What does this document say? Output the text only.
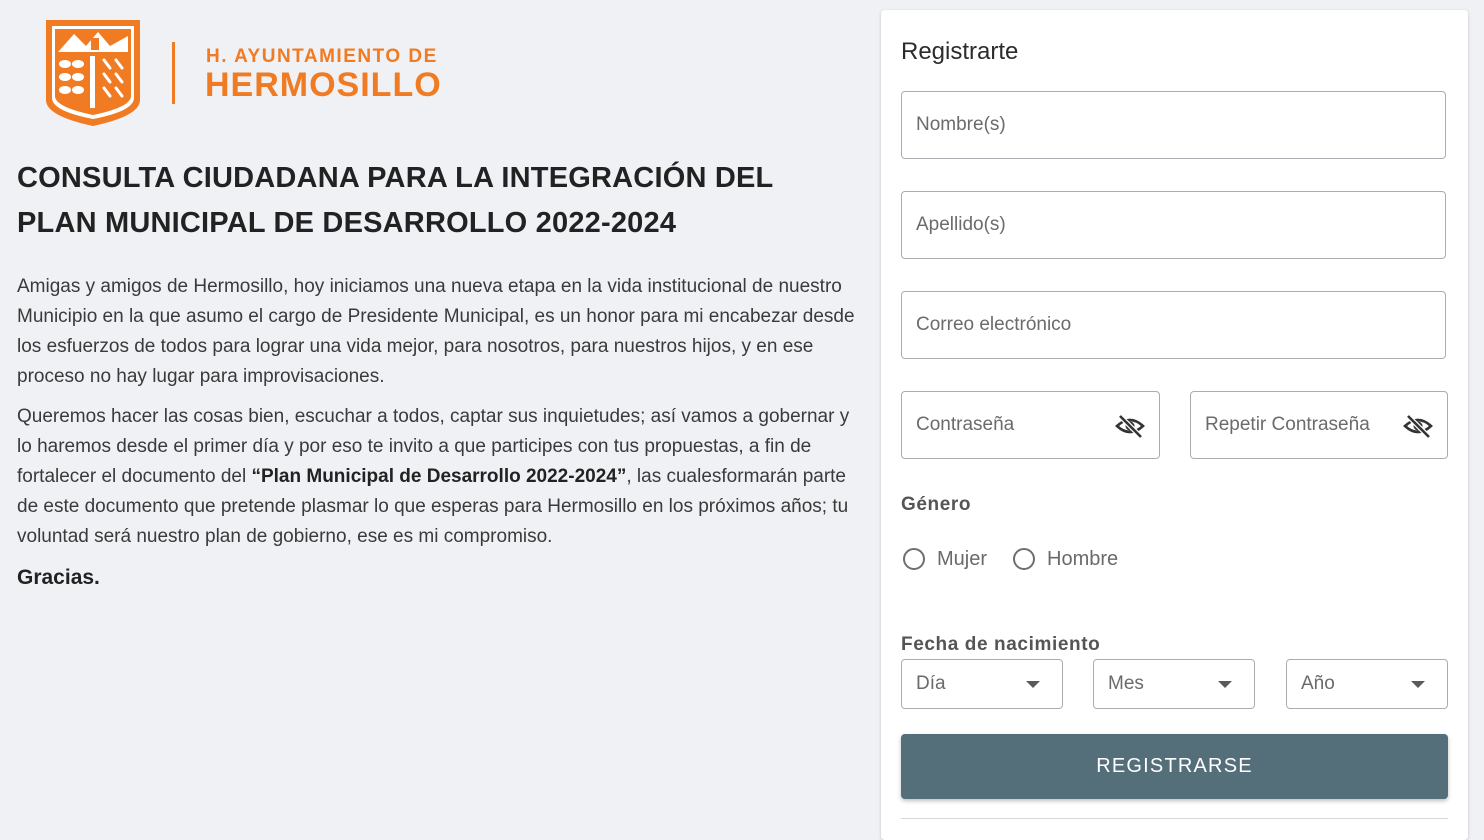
H. AYUNTAMIENTO DE
HERMOSILLO
CONSULTA CIUDADANA PARA LA INTEGRACIÓN DEL PLAN MUNICIPAL DE DESARROLLO 2022-2024

Amigas y amigos de Hermosillo, hoy iniciamos una nueva etapa en la vida institucional de nuestro Municipio en la que asumo el cargo de Presidente Municipal, es un honor para mi encabezar desde los esfuerzos de todos para lograr una vida mejor, para nosotros, para nuestros hijos, y en ese proceso no hay lugar para improvisaciones.

Queremos hacer las cosas bien, escuchar a todos, captar sus inquietudes; así vamos a gobernar y lo haremos desde el primer día y por eso te invito a que participes con tus propuestas, a fin de fortalecer el documento del “Plan Municipal de Desarrollo 2022-2024”, las cualesformarán parte de este documento que pretende plasmar lo que esperas para Hermosillo en los próximos años; tu voluntad será nuestro plan de gobierno, ese es mi compromiso.

Gracias.
Registrarte
Nombre(s)
Apellido(s)
Correo electrónico
Género
Mujer	Hombre
Fecha de nacimiento
Día	Mes	Año
REGISTRARSE
